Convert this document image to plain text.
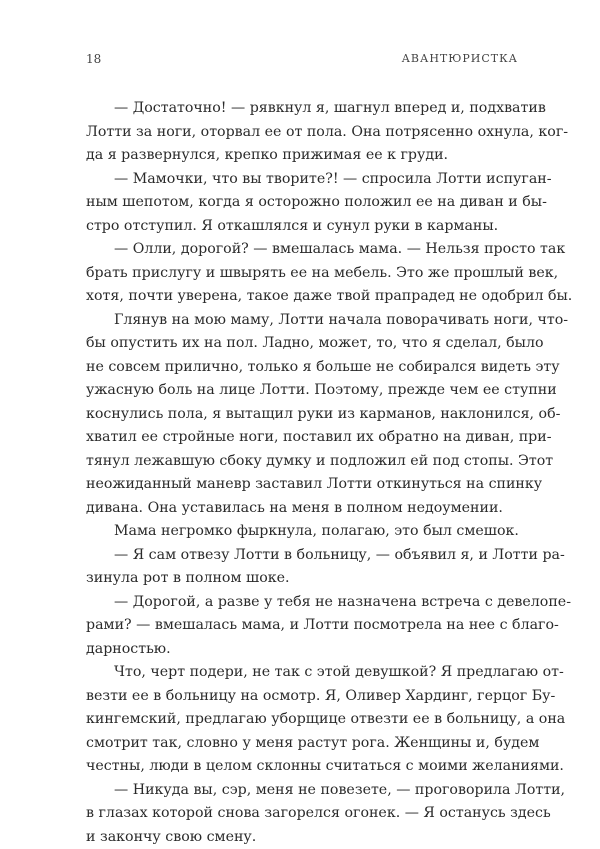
18	АВАНТЮРИСТКА
— Достаточно! — рявкнул я, шагнул вперед и, подхватив
Лотти за ноги, оторвал ее от пола. Она потрясенно охнула, ког-
да я развернулся, крепко прижимая ее к груди.
— Мамочки, что вы творите?! — спросила Лотти испуган-
ным шепотом, когда я осторожно положил ее на диван и бы-
стро отступил. Я откашлялся и сунул руки в карманы.
— Олли, дорогой? — вмешалась мама. — Нельзя просто так
брать прислугу и швырять ее на мебель. Это же прошлый век,
хотя, почти уверена, такое даже твой прапрадед не одобрил бы.
Глянув на мою маму, Лотти начала поворачивать ноги, что-
бы опустить их на пол. Ладно, может, то, что я сделал, было
не совсем прилично, только я больше не собирался видеть эту
ужасную боль на лице Лотти. Поэтому, прежде чем ее ступни
коснулись пола, я вытащил руки из карманов, наклонился, об-
хватил ее стройные ноги, поставил их обратно на диван, при-
тянул лежавшую сбоку думку и подложил ей под стопы. Этот
неожиданный маневр заставил Лотти откинуться на спинку
дивана. Она уставилась на меня в полном недоумении.
Мама негромко фыркнула, полагаю, это был смешок.
— Я сам отвезу Лотти в больницу, — объявил я, и Лотти ра-
зинула рот в полном шоке.
— Дорогой, а разве у тебя не назначена встреча с девелопе-
рами? — вмешалась мама, и Лотти посмотрела на нее с благо-
дарностью.
Что, черт подери, не так с этой девушкой? Я предлагаю от-
везти ее в больницу на осмотр. Я, Оливер Хардинг, герцог Бу-
кингемский, предлагаю уборщице отвезти ее в больницу, а она
смотрит так, словно у меня растут рога. Женщины и, будем
честны, люди в целом склонны считаться с моими желаниями.
— Никуда вы, сэр, меня не повезете, — проговорила Лотти,
в глазах которой снова загорелся огонек. — Я останусь здесь
и закончу свою смену.
